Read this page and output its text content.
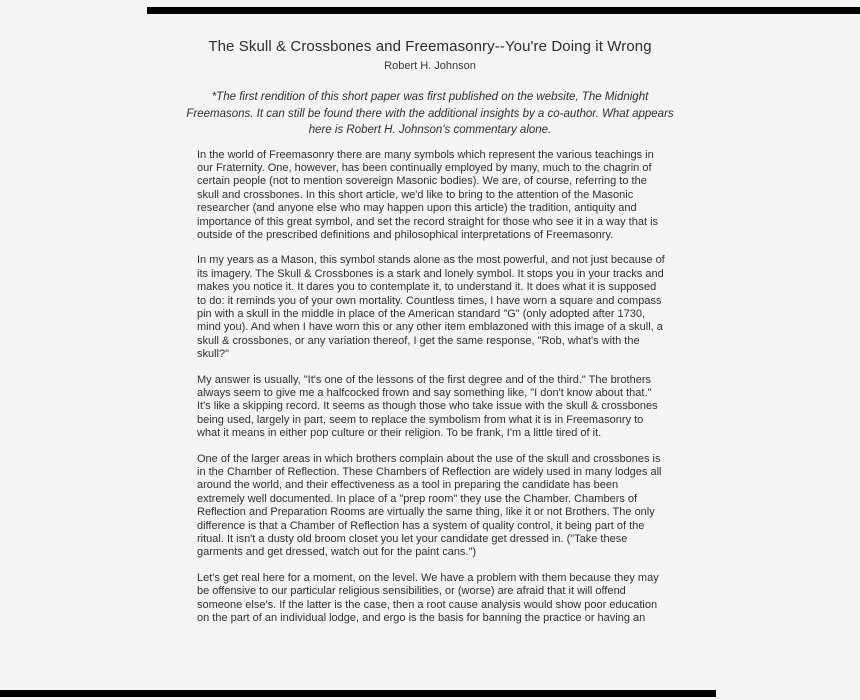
The Skull & Crossbones and Freemasonry--You're Doing it Wrong
Robert H. Johnson
*The first rendition of this short paper was first published on the website, The Midnight Freemasons. It can still be found there with the additional insights by a co-author. What appears here is Robert H. Johnson's commentary alone.

In the world of Freemasonry there are many symbols which represent the various teachings in our Fraternity. One, however, has been continually employed by many, much to the chagrin of certain people (not to mention sovereign Masonic bodies). We are, of course, referring to the skull and crossbones. In this short article, we'd like to bring to the attention of the Masonic researcher (and anyone else who may happen upon this article) the tradition, antiquity and importance of this great symbol, and set the record straight for those who see it in a way that is outside of the prescribed definitions and philosophical interpretations of Freemasonry.

In my years as a Mason, this symbol stands alone as the most powerful, and not just because of its imagery. The Skull & Crossbones is a stark and lonely symbol. It stops you in your tracks and makes you notice it. It dares you to contemplate it, to understand it. It does what it is supposed to do: it reminds you of your own mortality. Countless times, I have worn a square and compass pin with a skull in the middle in place of the American standard "G" (only adopted after 1730, mind you). And when I have worn this or any other item emblazoned with this image of a skull, a skull & crossbones, or any variation thereof, I get the same response, "Rob, what's with the skull?"

My answer is usually, "It's one of the lessons of the first degree and of the third." The brothers always seem to give me a halfcocked frown and say something like, "I don't know about that." It's like a skipping record. It seems as though those who take issue with the skull & crossbones being used, largely in part, seem to replace the symbolism from what it is in Freemasonry to what it means in either pop culture or their religion. To be frank, I'm a little tired of it.

One of the larger areas in which brothers complain about the use of the skull and crossbones is in the Chamber of Reflection. These Chambers of Reflection are widely used in many lodges all around the world, and their effectiveness as a tool in preparing the candidate has been extremely well documented. In place of a "prep room" they use the Chamber. Chambers of Reflection and Preparation Rooms are virtually the same thing, like it or not Brothers. The only difference is that a Chamber of Reflection has a system of quality control, it being part of the ritual. It isn't a dusty old broom closet you let your candidate get dressed in. ("Take these garments and get dressed, watch out for the paint cans.")

Let's get real here for a moment, on the level. We have a problem with them because they may be offensive to our particular religious sensibilities, or (worse) are afraid that it will offend someone else's. If the latter is the case, then a root cause analysis would show poor education on the part of an individual lodge, and ergo is the basis for banning the practice or having an
